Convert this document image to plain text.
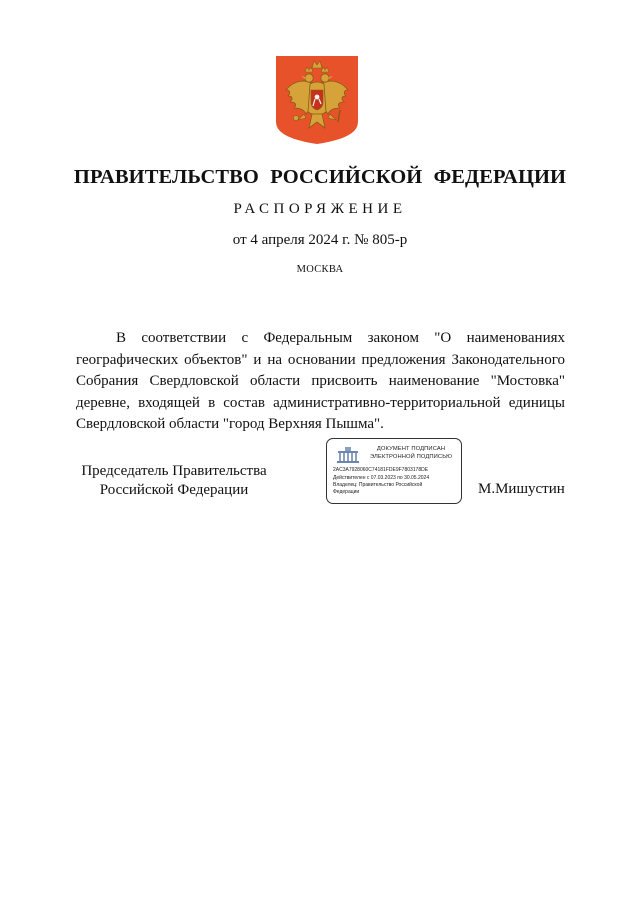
ПРАВИТЕЛЬСТВО РОССИЙСКОЙ ФЕДЕРАЦИИ
РАСПОРЯЖЕНИЕ
от 4 апреля 2024 г. № 805-р
МОСКВА

В соответствии с Федеральным законом "О наименованиях географических объектов" и на основании предложения Законодательного Собрания Свердловской области присвоить наименование "Мостовка" деревне, входящей в состав административно-территориальной единицы Свердловской области "город Верхняя Пышма".

Председатель Правительства
Российской Федерации
ДОКУМЕНТ ПОДПИСАН
ЭЛЕКТРОННОЙ ПОДПИСЬЮ
2AC3A7928060C74181FDE9F7803178DE
Действителен с 07.03.2023 по 30.05.2024
Владелец: Правительство Российской Федерации	М.Мишустин
